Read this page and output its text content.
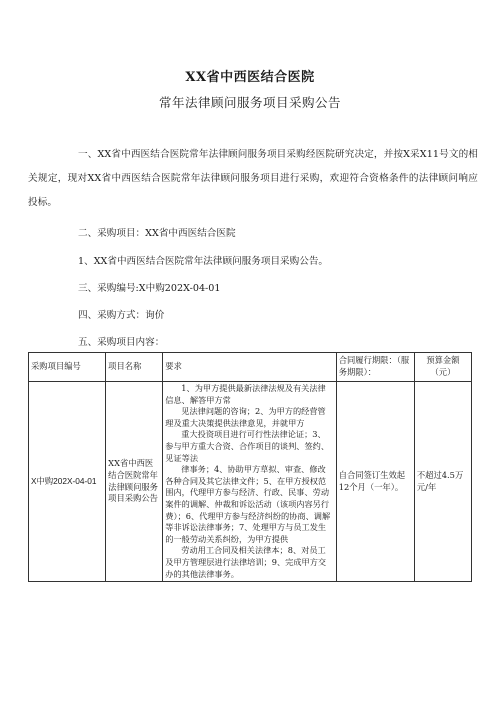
XX省中西医结合医院
常年法律顾问服务项目采购公告
一、XX省中西医结合医院常年法律顾问服务项目采购经医院研究决定，并按X采X11号文的相关规定，现对XX省中西医结合医院常年法律顾问服务项目进行采购，欢迎符合资格条件的法律顾问响应投标。
二、采购项目：XX省中西医结合医院
1、XX省中西医结合医院常年法律顾问服务项目采购公告。
三、采购编号:X中购202X-04-01
四、采购方式：询价
五、采购项目内容：
采购项目编号	项目名称	要求	合同履行期限：（服务期限）：	预算金额（元）
X中购202X-04-01	XX省中西医结合医院常年法律顾问服务项目采购公告	1、为甲方提供最新法律法规及有关法律信息、解答甲方常
见法律问题的咨询；2、为甲方的经营管理及重大决策提供法律意见，并就甲方
重大投资项目进行可行性法律论证；3、参与甲方重大合资、合作项目的谈判、签约、见证等法
律事务；4、协助甲方草拟、审查、修改各种合同及其它法律文件；5、在甲方授权范围内，代理甲方参与经济、行政、民事、劳动案件的调解、仲裁和诉讼活动（该项内容另行费）；6、代理甲方参与经济纠纷的协商、调解等非诉讼法律事务；7、处理甲方与员工发生的一般劳动关系纠纷，为甲方提供
劳动用工合同及相关法律本；8、对员工及甲方管理层进行法律培训；9、完成甲方交办的其他法律事务。	自合同签订生效起12个月（一年）。	不超过4.5万元/年
